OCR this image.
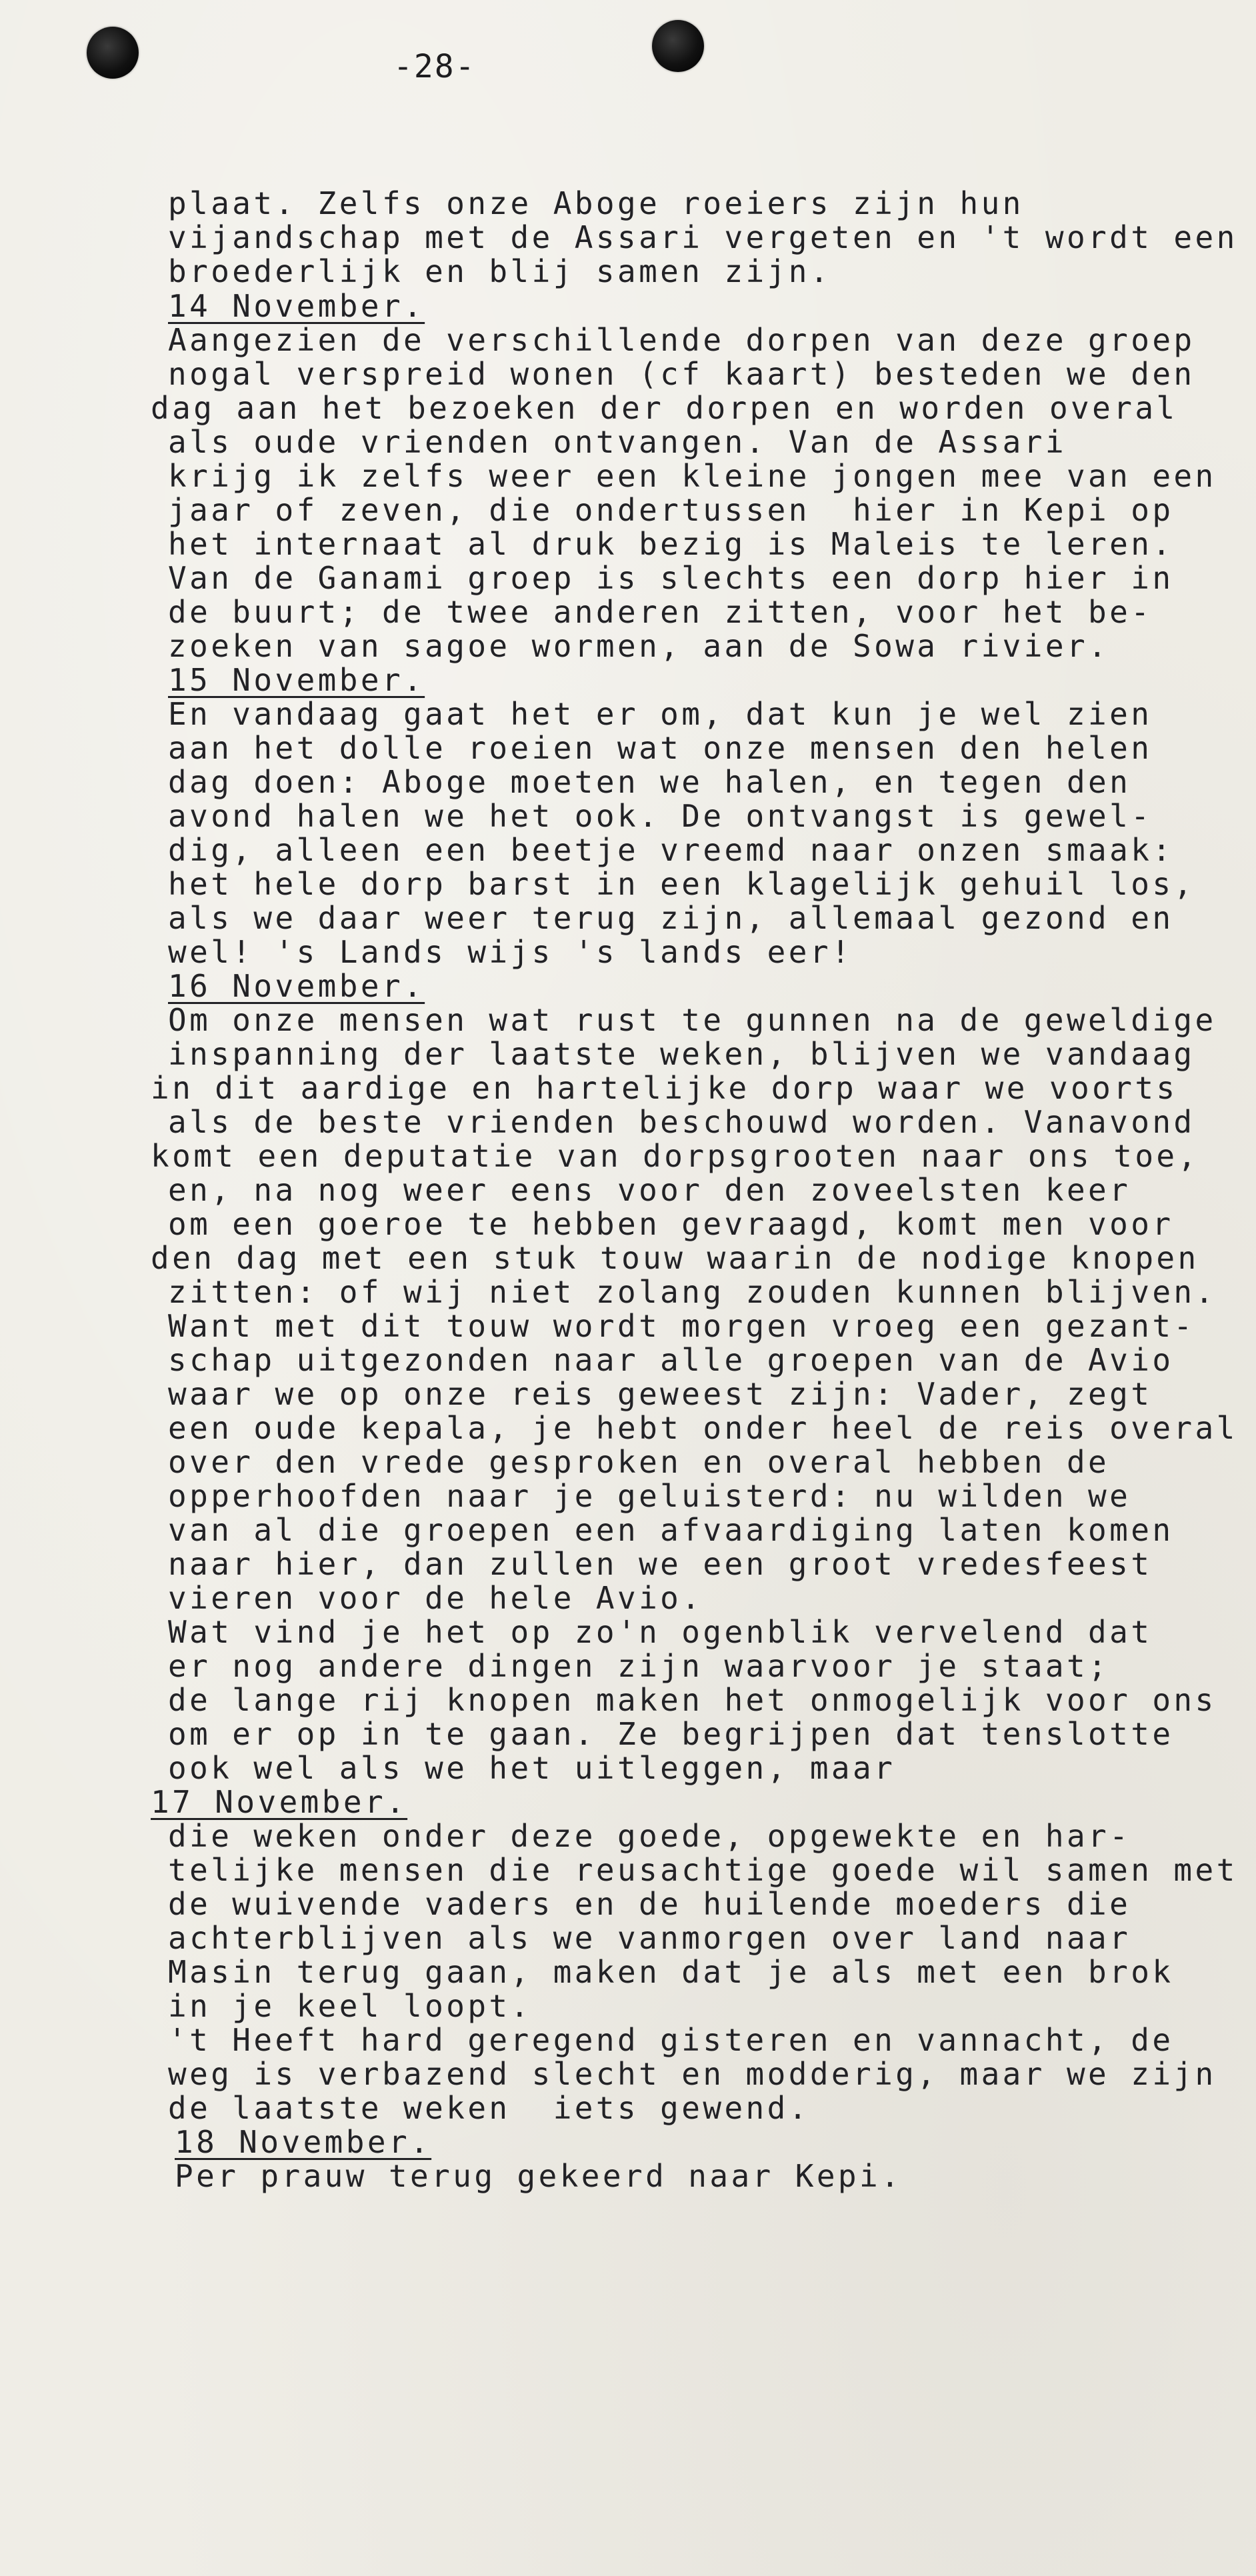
-28-
plaat. Zelfs onze Aboge roeiers zijn hun
vijandschap met de Assari vergeten en 't wordt een
broederlijk en blij samen zijn.
14 November.
Aangezien de verschillende dorpen van deze groep
nogal verspreid wonen (cf kaart) besteden we den
dag aan het bezoeken der dorpen en worden overal
als oude vrienden ontvangen. Van de Assari
krijg ik zelfs weer een kleine jongen mee van een
jaar of zeven, die ondertussen  hier in Kepi op
het internaat al druk bezig is Maleis te leren.
Van de Ganami groep is slechts een dorp hier in
de buurt; de twee anderen zitten, voor het be-
zoeken van sagoe wormen, aan de Sowa rivier.
15 November.
En vandaag gaat het er om, dat kun je wel zien
aan het dolle roeien wat onze mensen den helen
dag doen: Aboge moeten we halen, en tegen den
avond halen we het ook. De ontvangst is gewel-
dig, alleen een beetje vreemd naar onzen smaak:
het hele dorp barst in een klagelijk gehuil los,
als we daar weer terug zijn, allemaal gezond en
wel! 's Lands wijs 's lands eer!
16 November.
Om onze mensen wat rust te gunnen na de geweldige
inspanning der laatste weken, blijven we vandaag
in dit aardige en hartelijke dorp waar we voorts
als de beste vrienden beschouwd worden. Vanavond
komt een deputatie van dorpsgrooten naar ons toe,
en, na nog weer eens voor den zoveelsten keer
om een goeroe te hebben gevraagd, komt men voor
den dag met een stuk touw waarin de nodige knopen
zitten: of wij niet zolang zouden kunnen blijven.
Want met dit touw wordt morgen vroeg een gezant-
schap uitgezonden naar alle groepen van de Avio
waar we op onze reis geweest zijn: Vader, zegt
een oude kepala, je hebt onder heel de reis overal
over den vrede gesproken en overal hebben de
opperhoofden naar je geluisterd: nu wilden we
van al die groepen een afvaardiging laten komen
naar hier, dan zullen we een groot vredesfeest
vieren voor de hele Avio.
Wat vind je het op zo'n ogenblik vervelend dat
er nog andere dingen zijn waarvoor je staat;
de lange rij knopen maken het onmogelijk voor ons
om er op in te gaan. Ze begrijpen dat tenslotte
ook wel als we het uitleggen, maar
17 November.
die weken onder deze goede, opgewekte en har-
telijke mensen die reusachtige goede wil samen met
de wuivende vaders en de huilende moeders die
achterblijven als we vanmorgen over land naar
Masin terug gaan, maken dat je als met een brok
in je keel loopt.
't Heeft hard geregend gisteren en vannacht, de
weg is verbazend slecht en modderig, maar we zijn
de laatste weken  iets gewend.
18 November.
Per prauw terug gekeerd naar Kepi.
